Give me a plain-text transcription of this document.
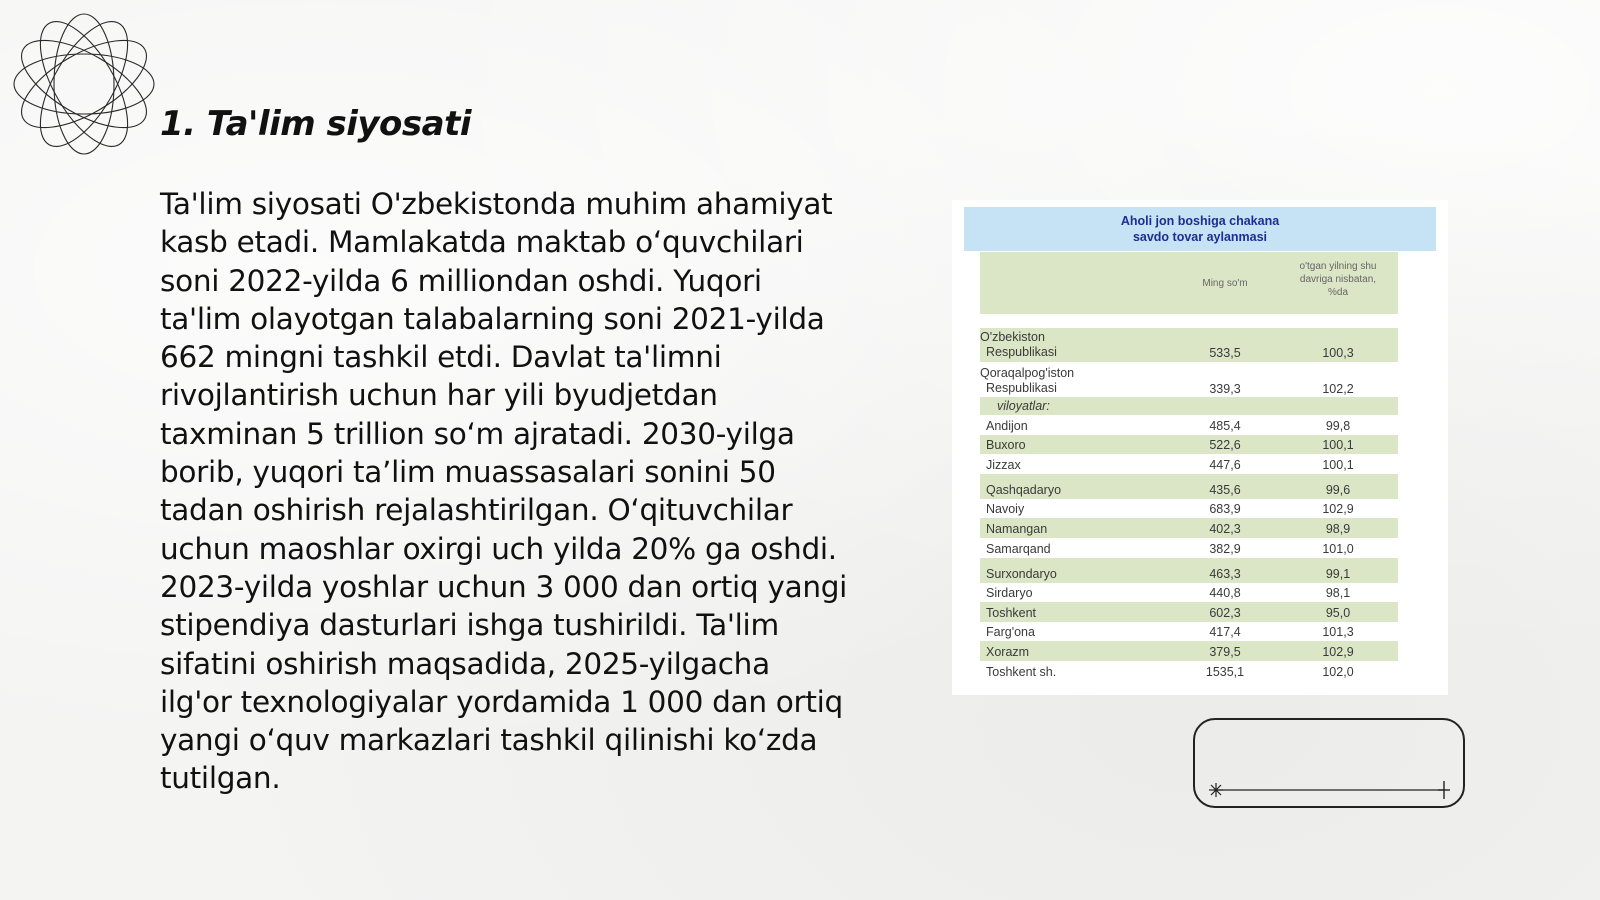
1. Ta'lim siyosati

Ta'lim siyosati O'zbekistonda muhim ahamiyat kasb etadi. Mamlakatda maktab o‘quvchilari soni 2022-yilda 6 milliondan oshdi. Yuqori ta'lim olayotgan talabalarning soni 2021-yilda 662 mingni tashkil etdi. Davlat ta'limni rivojlantirish uchun har yili byudjetdan taxminan 5 trillion so‘m ajratadi. 2030-yilga borib, yuqori ta’lim muassasalari sonini 50 tadan oshirish rejalashtirilgan. O‘qituvchilar uchun maoshlar oxirgi uch yilda 20% ga oshdi. 2023-yilda yoshlar uchun 3 000 dan ortiq yangi stipendiya dasturlari ishga tushirildi. Ta'lim sifatini oshirish maqsadida, 2025-yilgacha ilg'or texnologiyalar yordamida 1 000 dan ortiq yangi o‘quv markazlari tashkil qilinishi ko‘zda tutilgan.

Aholi jon boshiga chakana
savdo tovar aylanmasi
Ming so'm
o'tgan yilning shu
davriga nisbatan,
%da
O'zbekiston
Respublikasi	533,5	100,3
Qoraqalpog'iston
Respublikasi	339,3	102,2
viloyatlar:
Andijon	485,4	99,8
Buxoro	522,6	100,1
Jizzax	447,6	100,1
Qashqadaryo	435,6	99,6
Navoiy	683,9	102,9
Namangan	402,3	98,9
Samarqand	382,9	101,0
Surxondaryo	463,3	99,1
Sirdaryo	440,8	98,1
Toshkent	602,3	95,0
Farg'ona	417,4	101,3
Xorazm	379,5	102,9
Toshkent sh.	1535,1	102,0
